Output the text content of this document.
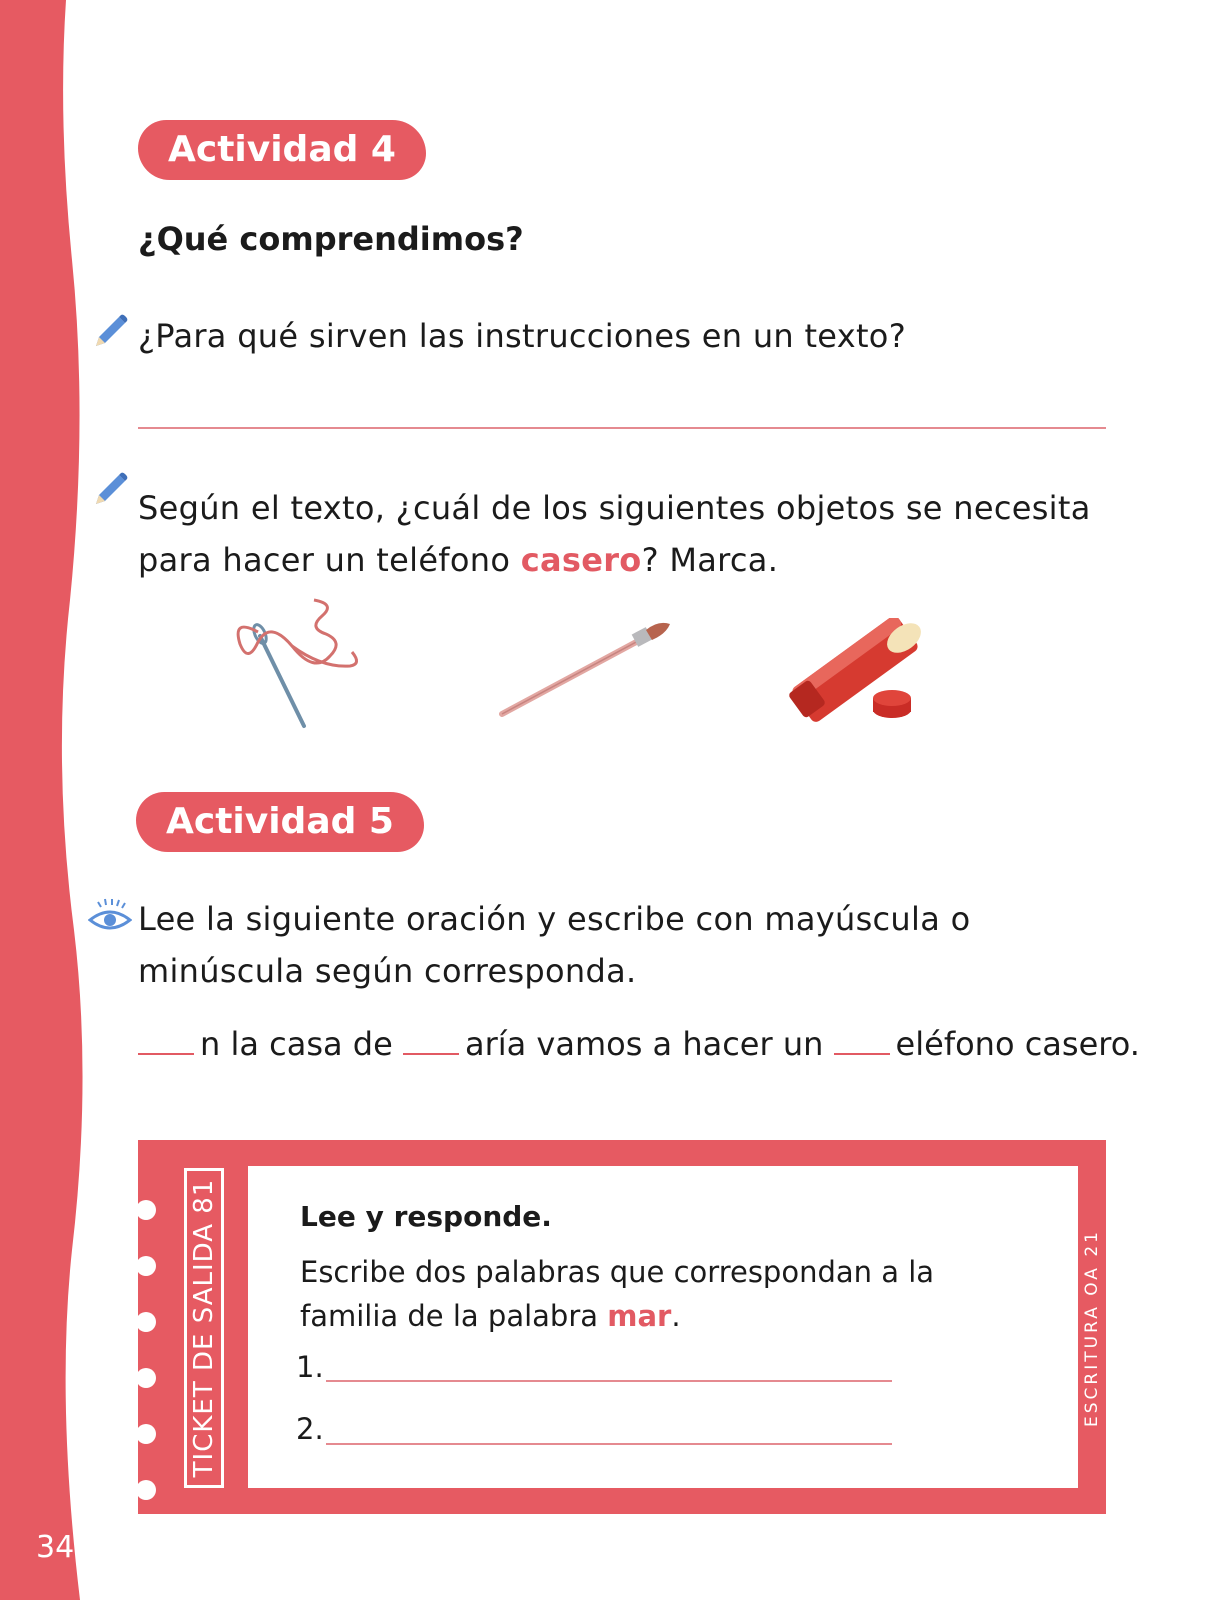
34
Actividad 4
¿Qué comprendimos?
¿Para qué sirven las instrucciones en un texto?
Según el texto, ¿cuál de los siguientes objetos se necesita
para hacer un teléfono casero? Marca.
Actividad 5
Lee la siguiente oración y escribe con mayúscula o
minúscula según corresponda.
n la casa de aría vamos a hacer un eléfono casero.
TICKET DE SALIDA 81	ESCRITURA OA 21
Lee y responde.
Escribe dos palabras que correspondan a la
familia de la palabra mar.
1.
2.
